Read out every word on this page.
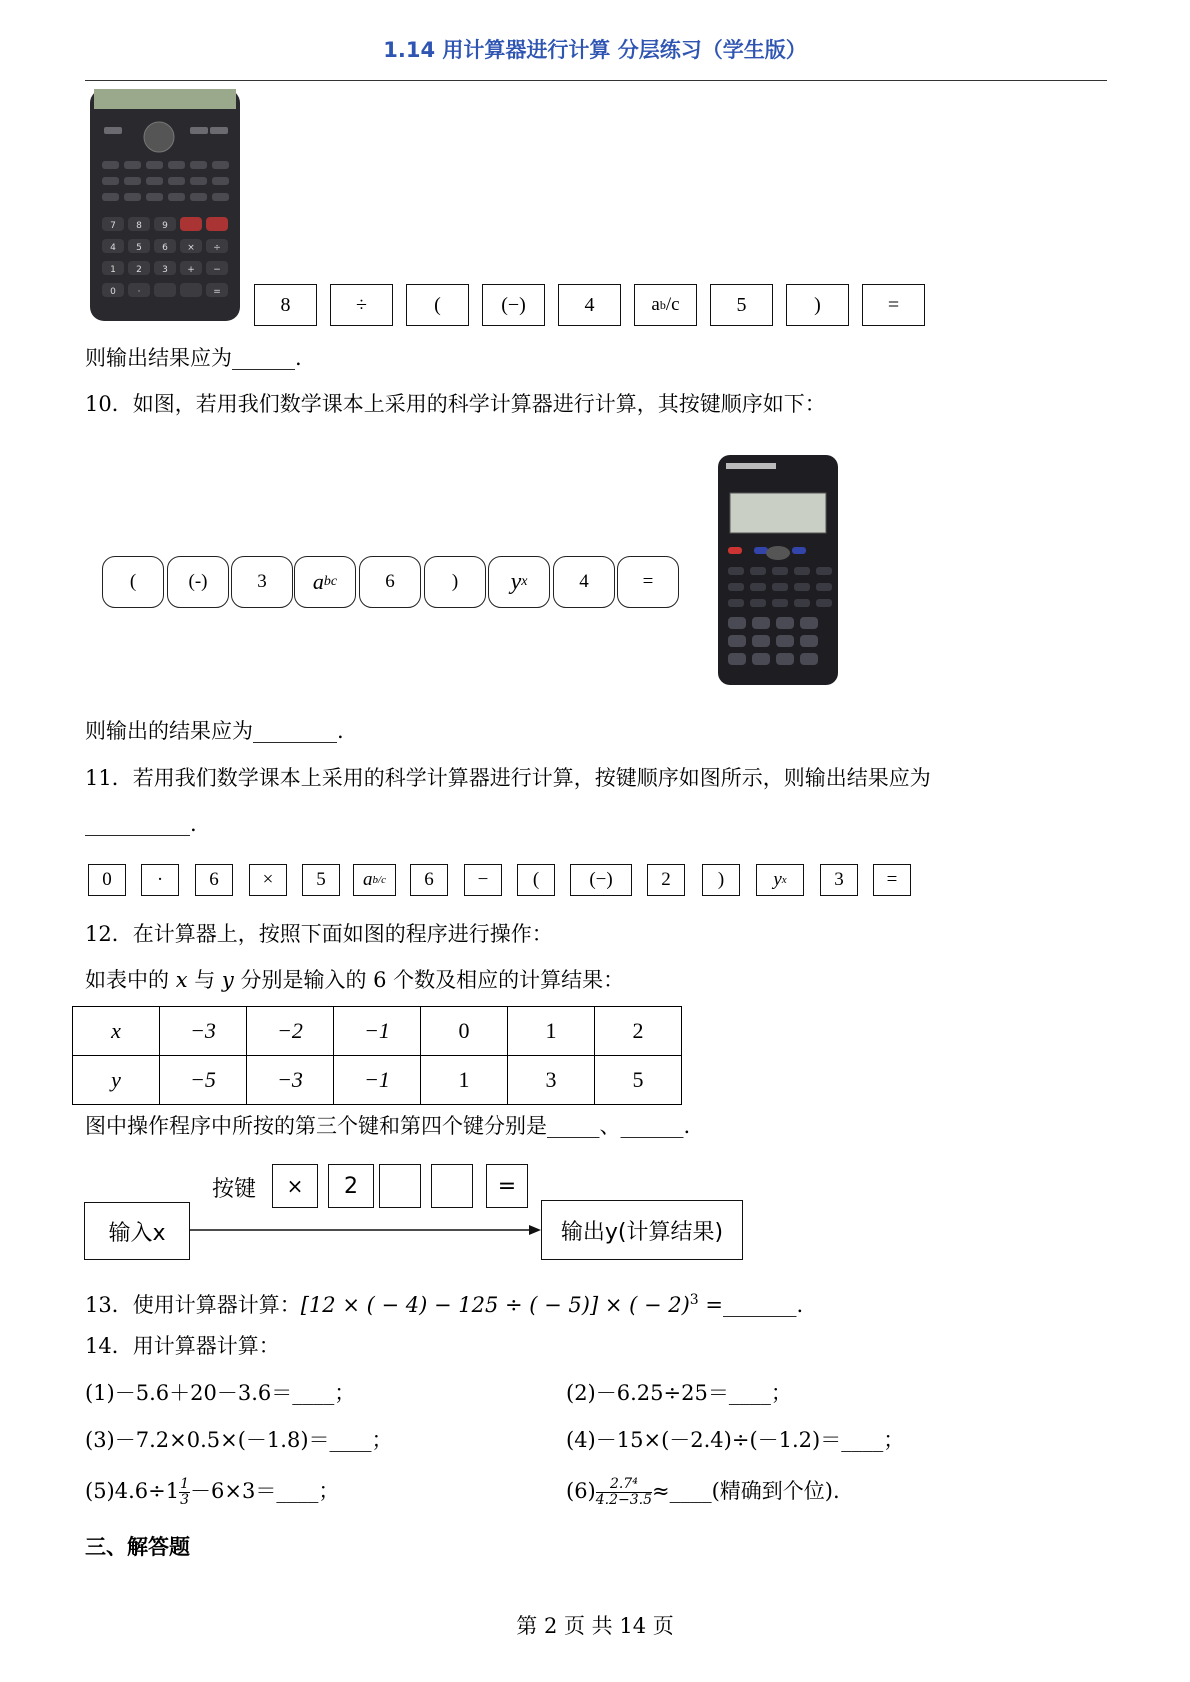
1.14 用计算器进行计算 分层练习（学生版）
7 8 9
4 5 6 × ÷
1 2 3 + −
0 ·	=
8	÷	(	(−)	4	a b /c	5	)	=
则输出结果应为______.
10．如图，若用我们数学课本上采用的科学计算器进行计算，其按键顺序如下：
(	(-)	3	a bc	6	)	y x	4	=
则输出的结果应为________.
11．若用我们数学课本上采用的科学计算器进行计算，按键顺序如图所示，则输出结果应为
__________.
0	·	6	×	5	a b/c	6	−	(	(−)	2	)	y x	3	=
12．在计算器上，按照下面如图的程序进行操作：
如表中的 x 与 y 分别是输入的 6 个数及相应的计算结果：
x	−3	−2	−1	0	1	2
y	−5	−3	−1	1	3	5
图中操作程序中所按的第三个键和第四个键分别是_____、______.
按键	×	2	=
输入x	输出y(计算结果)
13．使用计算器计算：[12 × ( − 4) − 125 ÷ ( − 5)] × ( − 2)$^3$ =_______.
14．用计算器计算：
(1)－5.6＋20－3.6＝____；	(2)－6.25÷25＝____；
(3)－7.2×0.5×(－1.8)＝____；	(4)－15×(－2.4)÷(－1.2)＝____；
$(5)4.6\div 1 \frac{1}{3}$ －6×3＝____；	$(6) \frac{\text{2.7⁴}}{4.2-3.5}$ ≈____(精确到个位).
三、解答题
第 2 页 共 14 页
